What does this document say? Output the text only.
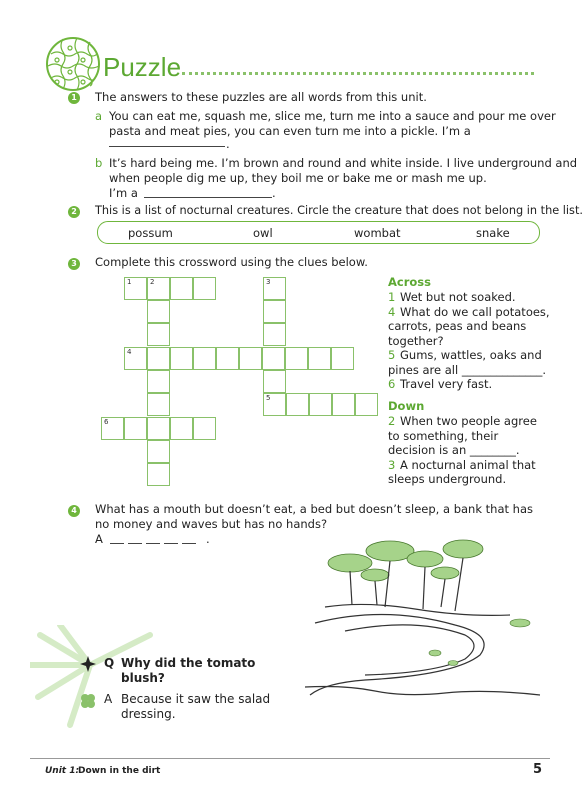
Puzzle
1 The answers to these puzzles are all words from this unit.
a You can eat me, squash me, slice me, turn me into a sauce and pour me over
pasta and meat pies, you can even turn me into a pickle. I’m a
.
b It’s hard being me. I’m brown and round and white inside. I live underground and
when people dig me up, they boil me or bake me or mash me up.
I’m a	.
2 This is a list of nocturnal creatures. Circle the creature that does not belong in the list.
possum	owl	wombat	snake
3 Complete this crossword using the clues below.
1	2	3
4
5
6
Across
1 Wet but not soaked.
4 What do we call potatoes,
carrots, peas and beans
together?
5 Gums, wattles, oaks and
pines are all ______________.
6 Travel very fast.
Down
2 When two people agree
to something, their
decision is an ________.
3 A nocturnal animal that
sleeps underground.
4 What has a mouth but doesn’t eat, a bed but doesn’t sleep, a bank that has
no money and waves but has no hands?
A	.
Q Why did the tomato
blush?
A Because it saw the salad
dressing.
Unit 1:
Down in the dirt	5
